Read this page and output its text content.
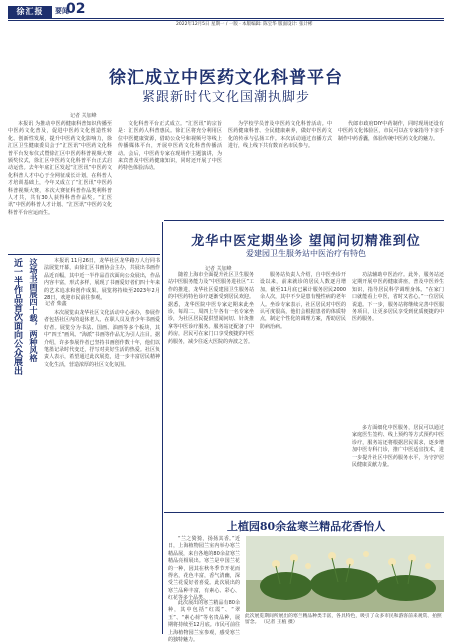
徐汇报	要闻
02
2022年12月5日 星期一 / 一版 · 本版编辑: 陈宝华 版面设计: 张计彬
徐汇成立中医药文化科普平台
紧跟新时代文化国潮执脚步
记者 关加峰
本报讯 为推动中医药健康科普知识传播至中医药文化普及，促进中医药文化创造性转化、创新性发展，提升中医药文化影响力，徐汇区卫生健康委员会于“汇医讯”中医药文化科普平台发布仪式暨徐汇区中医药科普视频大赛颁奖仪式，徐汇区中医药文化科普平台正式启动运营。去年年底汇区发起“汇医讯”中医药文化科普人才中心于全网征成长计划，在科普人才培训基础上，今年又成立了“汇医讯”中医药科普视频大赛，本次大赛征科普作品类利科普人才共，共有30人获得科普作品奖。“汇医讯”中医药科普人才计划、“汇医讯”中医药文化科普平台应运而生。
文化科普平台正式成立。“汇医讯”的宗旨是：汇医药人科普惠民。徐汇区将充分利用区位中医健康资源，借助公众号和视频号等线上传播媒体平台，开展中医药文化科普传播活动。会后，中医药专家在现场作主题演讲，为来宾普及中医药健康知识，同时还开展了中医药特色体验活动。
为学校学员普及中医药文化科普活动。中医药健康科普、全民健康素养，做好中医药文化的传承与弘扬工作。本次活动通过直播方式进行，线上线下共有数百名市民参与。
代郎市政府DIY中药制作，同时现场还设有中医药文化体验区，市民可以在专家指导下亲手制作中药香囊，体验传统中医药文化的魅力。
近一半作品首次面向公众展出 这场书画展四十载，两种风格 记者 柴鑫
本报讯 11月26日，龙华社区龙华路万人行同书法展览开幕，由徐汇区书画协会主办，共展出书画作品近百幅，其中近一半作品首次面向公众展出，作品内容丰富，形式多样，展现了书画爱好者们四十年来的艺术追求和创作成果。展览将持续至2023年2月28日，欢迎市民前往参观。
本次展览由龙华社区文化活动中心承办，参展作者包括社区内的退休老人、在职人员及青少年书画爱好者。展览分为书法、国画、油画等多个板块，其中“四王”画风、“海派”书画等作品尤为引人注目。据介绍，许多参展作者已坚持书画创作数十年，他们以笔墨记录时代变迁，抒写对美好生活的热爱。社区负责人表示，希望通过此次展览，进一步丰富居民精神文化生活，营造浓厚的社区文化氛围。
龙华中医定期坐诊 望闻问切精准到位
爱建园卫生服务站中医治疗有特色
记者 关加峰
随着上海市全面提升社区卫生服务站中医服务能力及“中医服务进社区”工作的推进，龙华社区爱建园卫生服务站的中医药特色诊疗逐渐受到居民欢迎。据悉，龙华医院中医专家定期来此坐诊，每周二、周四上午各有一名专家坐诊，为社区居民提供望闻问切、针灸推拿等中医诊疗服务。服务站还配备了中药房，居民可在家门口享受便捷的中医药服务，减少往返大医院的奔波之苦。
服务站负责人介绍，自中医坐诊开设以来，前来就诊的居民人数逐月增加，截至11月底已累计服务居民2000余人次，其中不少是患有慢性病的老年人。坐诊专家表示，社区居民对中医的认可度很高，他们会根据患者的体质特点，制定个性化的调理方案，帮助居民防病治病。
功法辅助中医治疗。此外，服务站还定期开展中医药健康讲座，普及中医养生知识，指导居民科学调理身体。“在家门口就能看上中医，省时又省心。”一位居民说道。下一步，服务站将继续完善中医服务项目，让更多居民享受到优质便捷的中医药服务。
多方面细化中医服务，居民可以通过家庭医生签约、线上预约等方式预约中医诊疗，服务站还将根据居民需求，逐步增加中医专科门诊，推广中医适宜技术，进一步提升社区中医药服务水平，为守护居民健康贡献力量。
上植园80余盆寒兰精品花香怡人
“兰之猗猗，扬扬其香。”近日，上海植物园兰室内举办寒兰精品展，来自各地的80余盆寒兰精品亮相展出。寒兰是中国兰花的一种，因其在秋冬季节开花而得名，花色丰富，香气清幽，深受兰花爱好者喜爱。此次展出的寒兰品种丰富，有素心、彩心、红花等多个品类。
此次展出的寒兰精品有80余种，其中包括“红霞”、“翠玉”、“素心荷”等名贵品种，展期将持续至12月底。市民可前往上海植物园兰室参观，感受寒兰的独特魅力。
此次展览期间所展出的寒兰精品种类丰富，各具特色，吸引了众多市民和游客前来观赏、拍照留念。 （记者 王植 摄）
